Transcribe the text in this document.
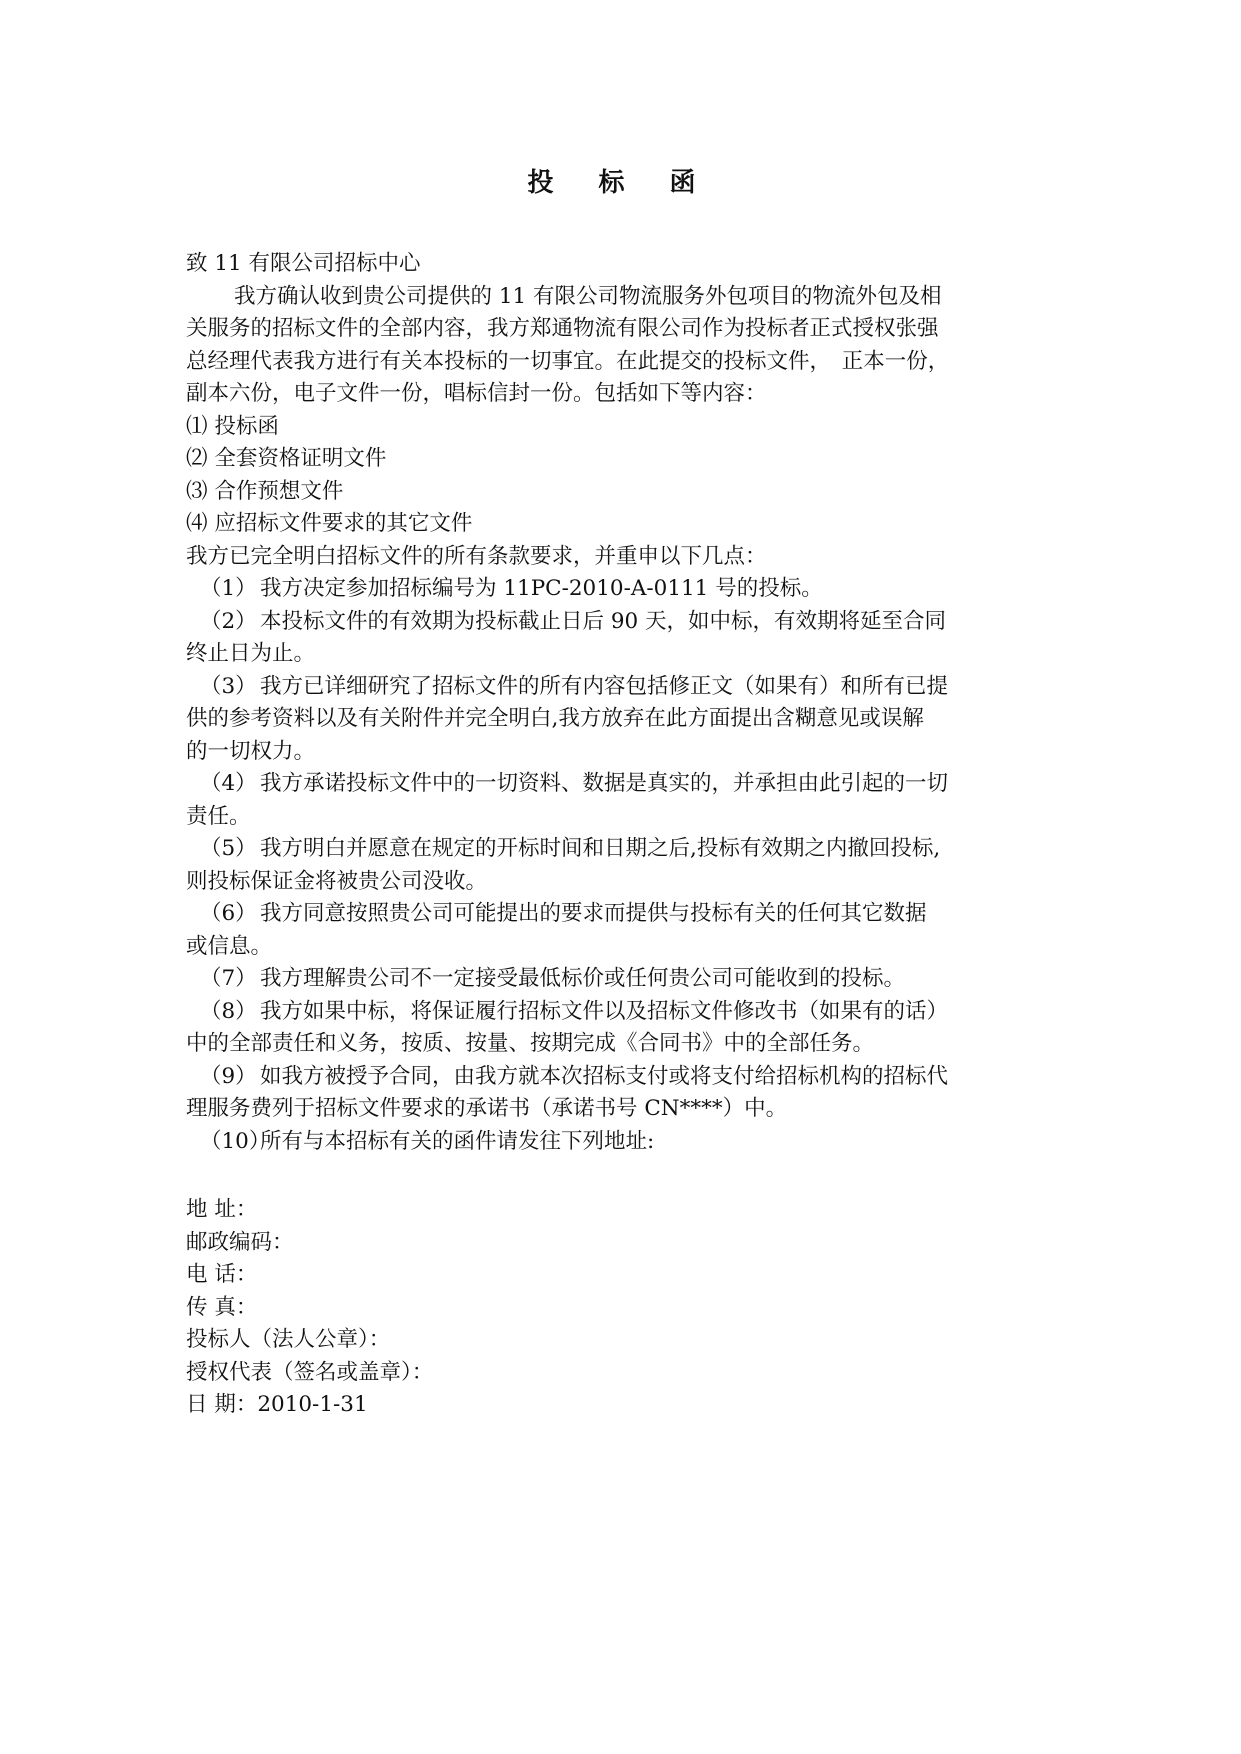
投 标 函
致 11 有限公司招标中心
我方确认收到贵公司提供的 11 有限公司物流服务外包项目的物流外包及相
关服务的招标文件的全部内容，我方郑通物流有限公司作为投标者正式授权张强
总经理代表我方进行有关本投标的一切事宜。在此提交的投标文件，　正本一份，
副本六份，电子文件一份，唱标信封一份。包括如下等内容：
⑴ 投标函
⑵ 全套资格证明文件
⑶ 合作预想文件
⑷ 应招标文件要求的其它文件
我方已完全明白招标文件的所有条款要求，并重申以下几点：
（1） 我方决定参加招标编号为 11PC-2010-A-0111 号的投标。
（2） 本投标文件的有效期为投标截止日后 90 天，如中标，有效期将延至合同
终止日为止。
（3） 我方已详细研究了招标文件的所有内容包括修正文（如果有）和所有已提
供的参考资料以及有关附件并完全明白,我方放弃在此方面提出含糊意见或误解
的一切权力。
（4） 我方承诺投标文件中的一切资料、数据是真实的，并承担由此引起的一切
责任。
（5） 我方明白并愿意在规定的开标时间和日期之后,投标有效期之内撤回投标,
则投标保证金将被贵公司没收。
（6） 我方同意按照贵公司可能提出的要求而提供与投标有关的任何其它数据
或信息。
（7） 我方理解贵公司不一定接受最低标价或任何贵公司可能收到的投标。
（8） 我方如果中标，将保证履行招标文件以及招标文件修改书（如果有的话）
中的全部责任和义务，按质、按量、按期完成《合同书》中的全部任务。
（9） 如我方被授予合同，由我方就本次招标支付或将支付给招标机构的招标代
理服务费列于招标文件要求的承诺书（承诺书号 CN****）中。
（10）所有与本招标有关的函件请发往下列地址:
地 址：
邮政编码：
电 话：
传 真：
投标人（法人公章）：
授权代表（签名或盖章）：
日 期：2010-1-31
